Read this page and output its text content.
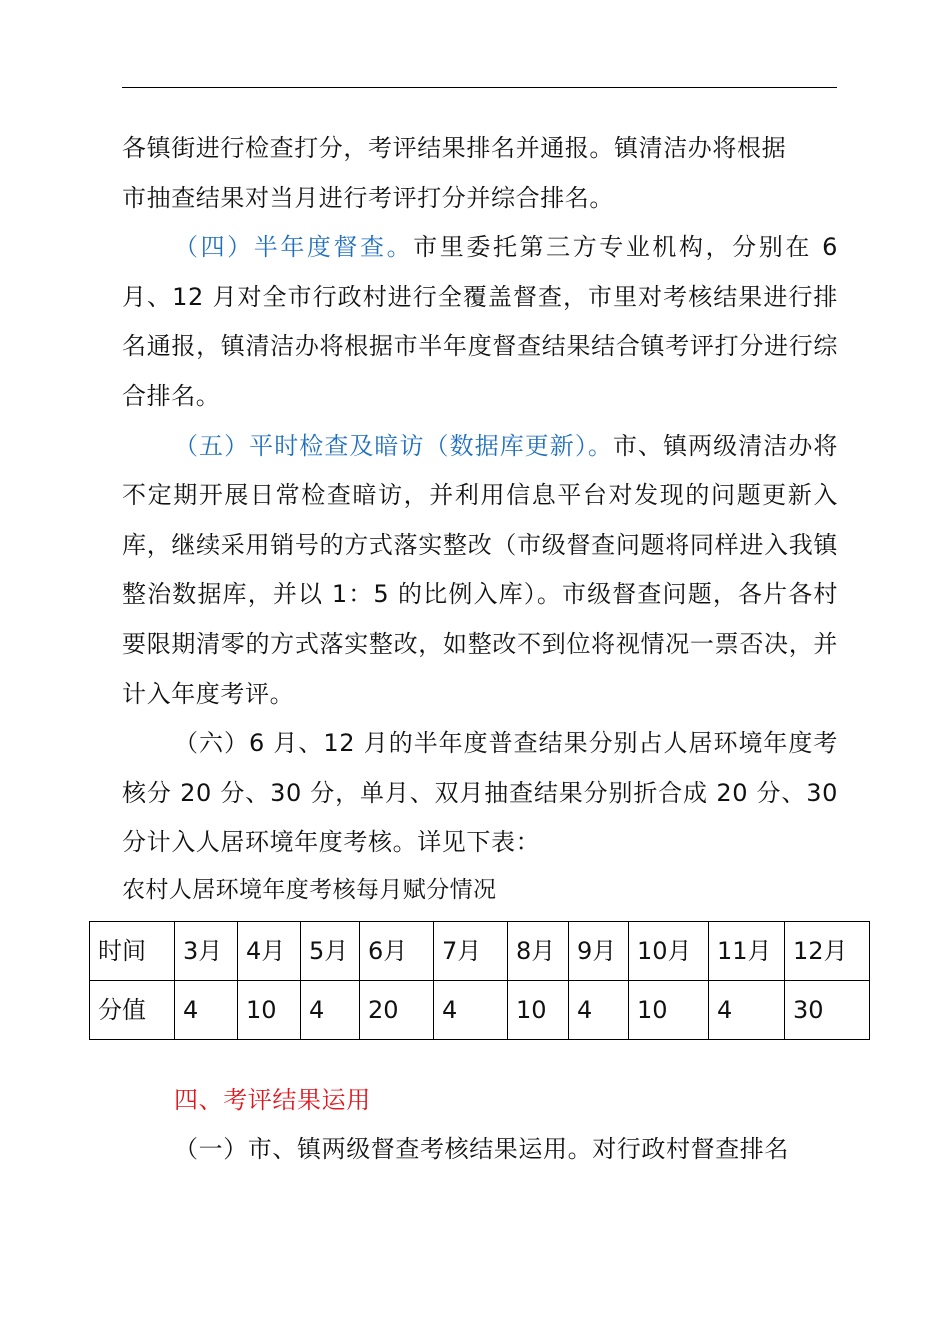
各镇街进行检查打分，考评结果排名并通报。镇清洁办将根据
市抽查结果对当月进行考评打分并综合排名。

（四）半年度督查。市里委托第三方专业机构，分别在 6 月、12 月对全市行政村进行全覆盖督查，市里对考核结果进行排名通报，镇清洁办将根据市半年度督查结果结合镇考评打分进行综合排名。

（五）平时检查及暗访（数据库更新）。市、镇两级清洁办将不定期开展日常检查暗访，并利用信息平台对发现的问题更新入库，继续采用销号的方式落实整改（市级督查问题将同样进入我镇整治数据库，并以 1：5 的比例入库）。市级督查问题，各片各村要限期清零的方式落实整改，如整改不到位将视情况一票否决，并计入年度考评。

（六）6 月、12 月的半年度普查结果分别占人居环境年度考核分 20 分、30 分，单月、双月抽查结果分别折合成 20 分、30 分计入人居环境年度考核。详见下表：

农村人居环境年度考核每月赋分情况

时间	3月	4月	5月	6月	7月	8月	9月	10月	11月	12月
分值	4	10	4	20	4	10	4	10	4	30
四、考评结果运用

（一）市、镇两级督查考核结果运用。对行政村督查排名
